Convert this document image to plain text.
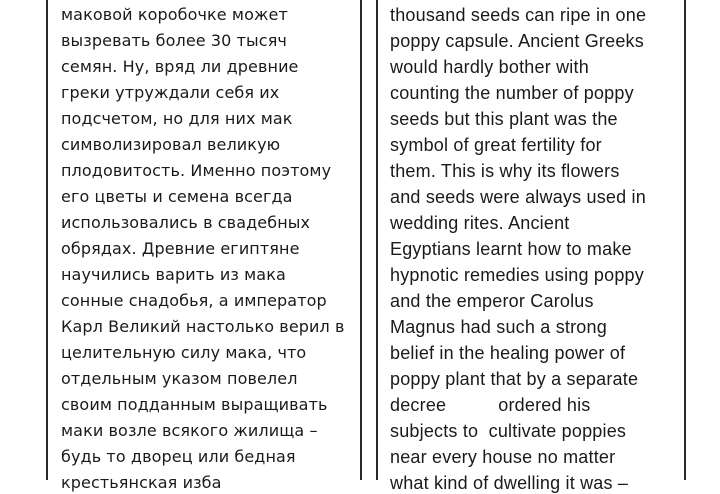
маковой коробочке может
вызревать более 30 тысяч
семян. Ну, вряд ли древние
греки утруждали себя их
подсчетом, но для них мак
символизировал великую
плодовитость. Именно поэтому
его цветы и семена всегда
использовались в свадебных
обрядах. Древние египтяне
научились варить из мака
сонные снадобья, а император
Карл Великий настолько верил в
целительную силу мака, что
отдельным указом повелел
своим подданным выращивать
маки возле всякого жилища –
будь то дворец или бедная
крестьянская изба
thousand seeds can ripe in one
poppy capsule. Ancient Greeks
would hardly bother with
counting the number of poppy
seeds but this plant was the
symbol of great fertility for
them. This is why its flowers
and seeds were always used in
wedding rites. Ancient
Egyptians learnt how to make
hypnotic remedies using poppy
and the emperor Carolus
Magnus had such a strong
belief in the healing power of
poppy plant that by a separate
decree          ordered his
subjects to  cultivate poppies
near every house no matter
what kind of dwelling it was –
